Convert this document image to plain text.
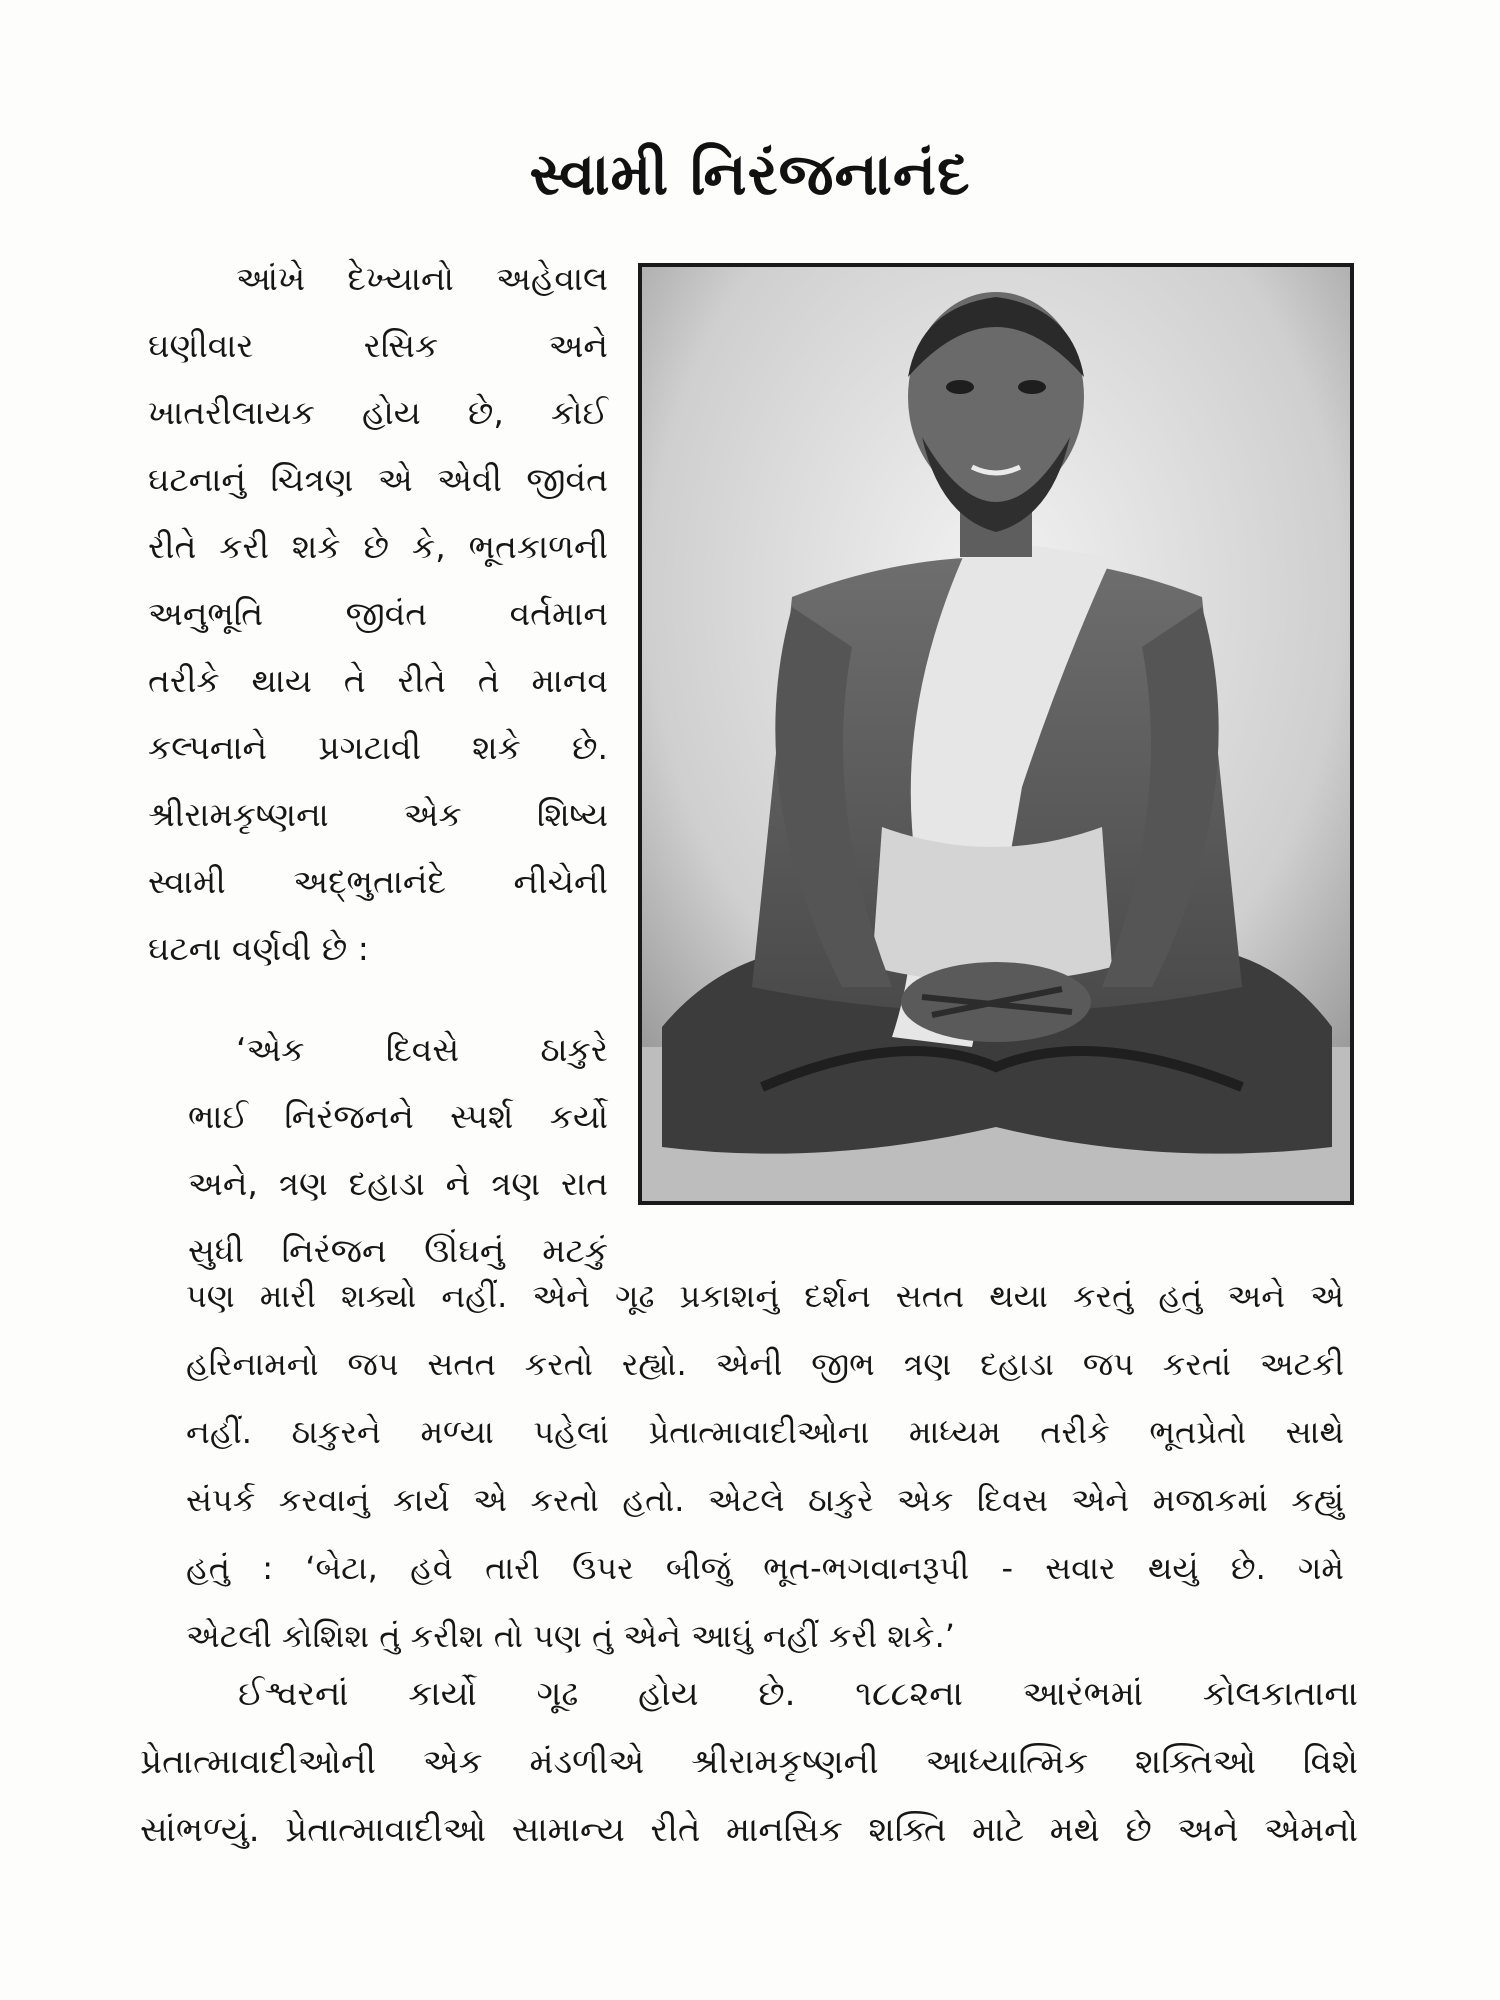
સ્વામી નિરંજનાનંદ
આંખે દેખ્યાનો અહેવાલ
ઘણીવાર રસિક અને
ખાતરીલાયક હોય છે, કોઈ
ઘટનાનું ચિત્રણ એ એવી જીવંત
રીતે કરી શકે છે કે, ભૂતકાળની
અનુભૂતિ જીવંત વર્તમાન
તરીકે થાય તે રીતે તે માનવ
કલ્પનાને પ્રગટાવી શકે છે.
શ્રીરામકૃષ્ણના એક શિષ્ય
સ્વામી અદ્‌ભુતાનંદે નીચેની
ઘટના વર્ણવી છે :
‘એક દિવસે ઠાકુરે
ભાઈ નિરંજનને સ્પર્શ કર્યો
અને, ત્રણ દહાડા ને ત્રણ રાત
સુધી નિરંજન ઊંઘનું મટકું
પણ મારી શક્યો નહીં. એને ગૂઢ પ્રકાશનું દર્શન સતત થયા કરતું હતું અને એ
હરિનામનો જપ સતત કરતો રહ્યો. એની જીભ ત્રણ દહાડા જપ કરતાં અટકી
નહીં. ઠાકુરને મળ્યા પહેલાં પ્રેતાત્માવાદીઓના માધ્યમ તરીકે ભૂતપ્રેતો સાથે
સંપર્ક કરવાનું કાર્ય એ કરતો હતો. એટલે ઠાકુરે એક દિવસ એને મજાકમાં કહ્યું
હતું : ‘બેટા, હવે તારી ઉપર બીજું ભૂત-ભગવાનરૂપી - સવાર થયું છે. ગમે
એટલી કોશિશ તું કરીશ તો પણ તું એને આઘું નહીં કરી શકે.’
ઈશ્વરનાં કાર્યો ગૂઢ હોય છે. ૧૮૮૨ના આરંભમાં કોલકાતાના
પ્રેતાત્માવાદીઓની એક મંડળીએ શ્રીરામકૃષ્ણની આધ્યાત્મિક શક્તિઓ વિશે
સાંભળ્યું. પ્રેતાત્માવાદીઓ સામાન્ય રીતે માનસિક શક્તિ માટે મથે છે અને એમનો
